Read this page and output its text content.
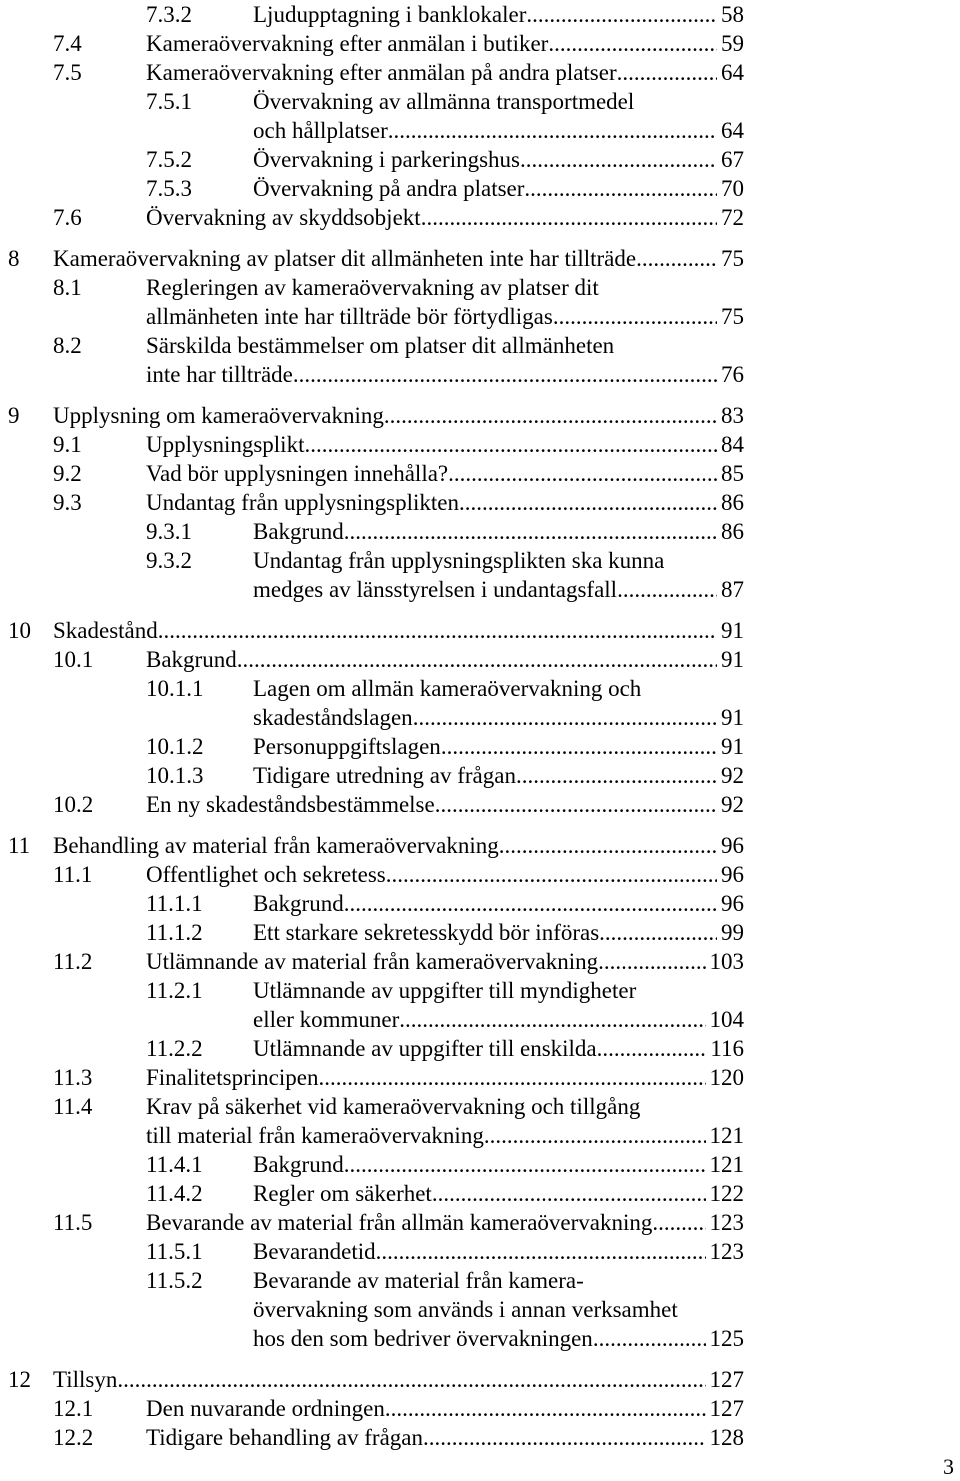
7.3.2	Ljudupptagning i banklokaler .....	58
7.4	Kameraövervakning efter anmälan i butiker .....	59
7.5	Kameraövervakning efter anmälan på andra platser .....	64
7.5.1	Övervakning av allmänna transportmedel
och hållplatser .....	64
7.5.2	Övervakning i parkeringshus .....	67
7.5.3	Övervakning på andra platser .....	70
7.6	Övervakning av skyddsobjekt .....	72
8 Kameraövervakning av platser dit allmänheten inte har tillträde .....	75
8.1	Regleringen av kameraövervakning av platser dit
allmänheten inte har tillträde bör förtydligas .....	75
8.2	Särskilda bestämmelser om platser dit allmänheten
inte har tillträde .....	76
9 Upplysning om kameraövervakning .....	83
9.1	Upplysningsplikt .....	84
9.2	Vad bör upplysningen innehålla? .....	85
9.3	Undantag från upplysningsplikten .....	86
9.3.1	Bakgrund .....	86
9.3.2	Undantag från upplysningsplikten ska kunna
medges av länsstyrelsen i undantagsfall .....	87
10 Skadestånd .....	91
10.1 Bakgrund .....	91
10.1.1 Lagen om allmän kameraövervakning och
skadeståndslagen .....	91
10.1.2 Personuppgiftslagen .....	91
10.1.3 Tidigare utredning av frågan .....	92
10.2 En ny skadeståndsbestämmelse .....	92
11 Behandling av material från kameraövervakning .....	96
11.1 Offentlighet och sekretess .....	96
11.1.1 Bakgrund .....	96
11.1.2 Ett starkare sekretesskydd bör införas .....	99
11.2 Utlämnande av material från kameraövervakning .....	103
11.2.1 Utlämnande av uppgifter till myndigheter
eller kommuner .....	104
11.2.2 Utlämnande av uppgifter till enskilda .....	116
11.3 Finalitetsprincipen .....	120
11.4 Krav på säkerhet vid kameraövervakning och tillgång
till material från kameraövervakning .....	121
11.4.1 Bakgrund .....	121
11.4.2 Regler om säkerhet .....	122
11.5 Bevarande av material från allmän kameraövervakning ..... 123
11.5.1 Bevarandetid .....	123
11.5.2 Bevarande av material från kamera-
övervakning som används i annan verksamhet
hos den som bedriver övervakningen .....	125
12 Tillsyn .....	127
12.1 Den nuvarande ordningen .....	127
12.2 Tidigare behandling av frågan .....	128
3
